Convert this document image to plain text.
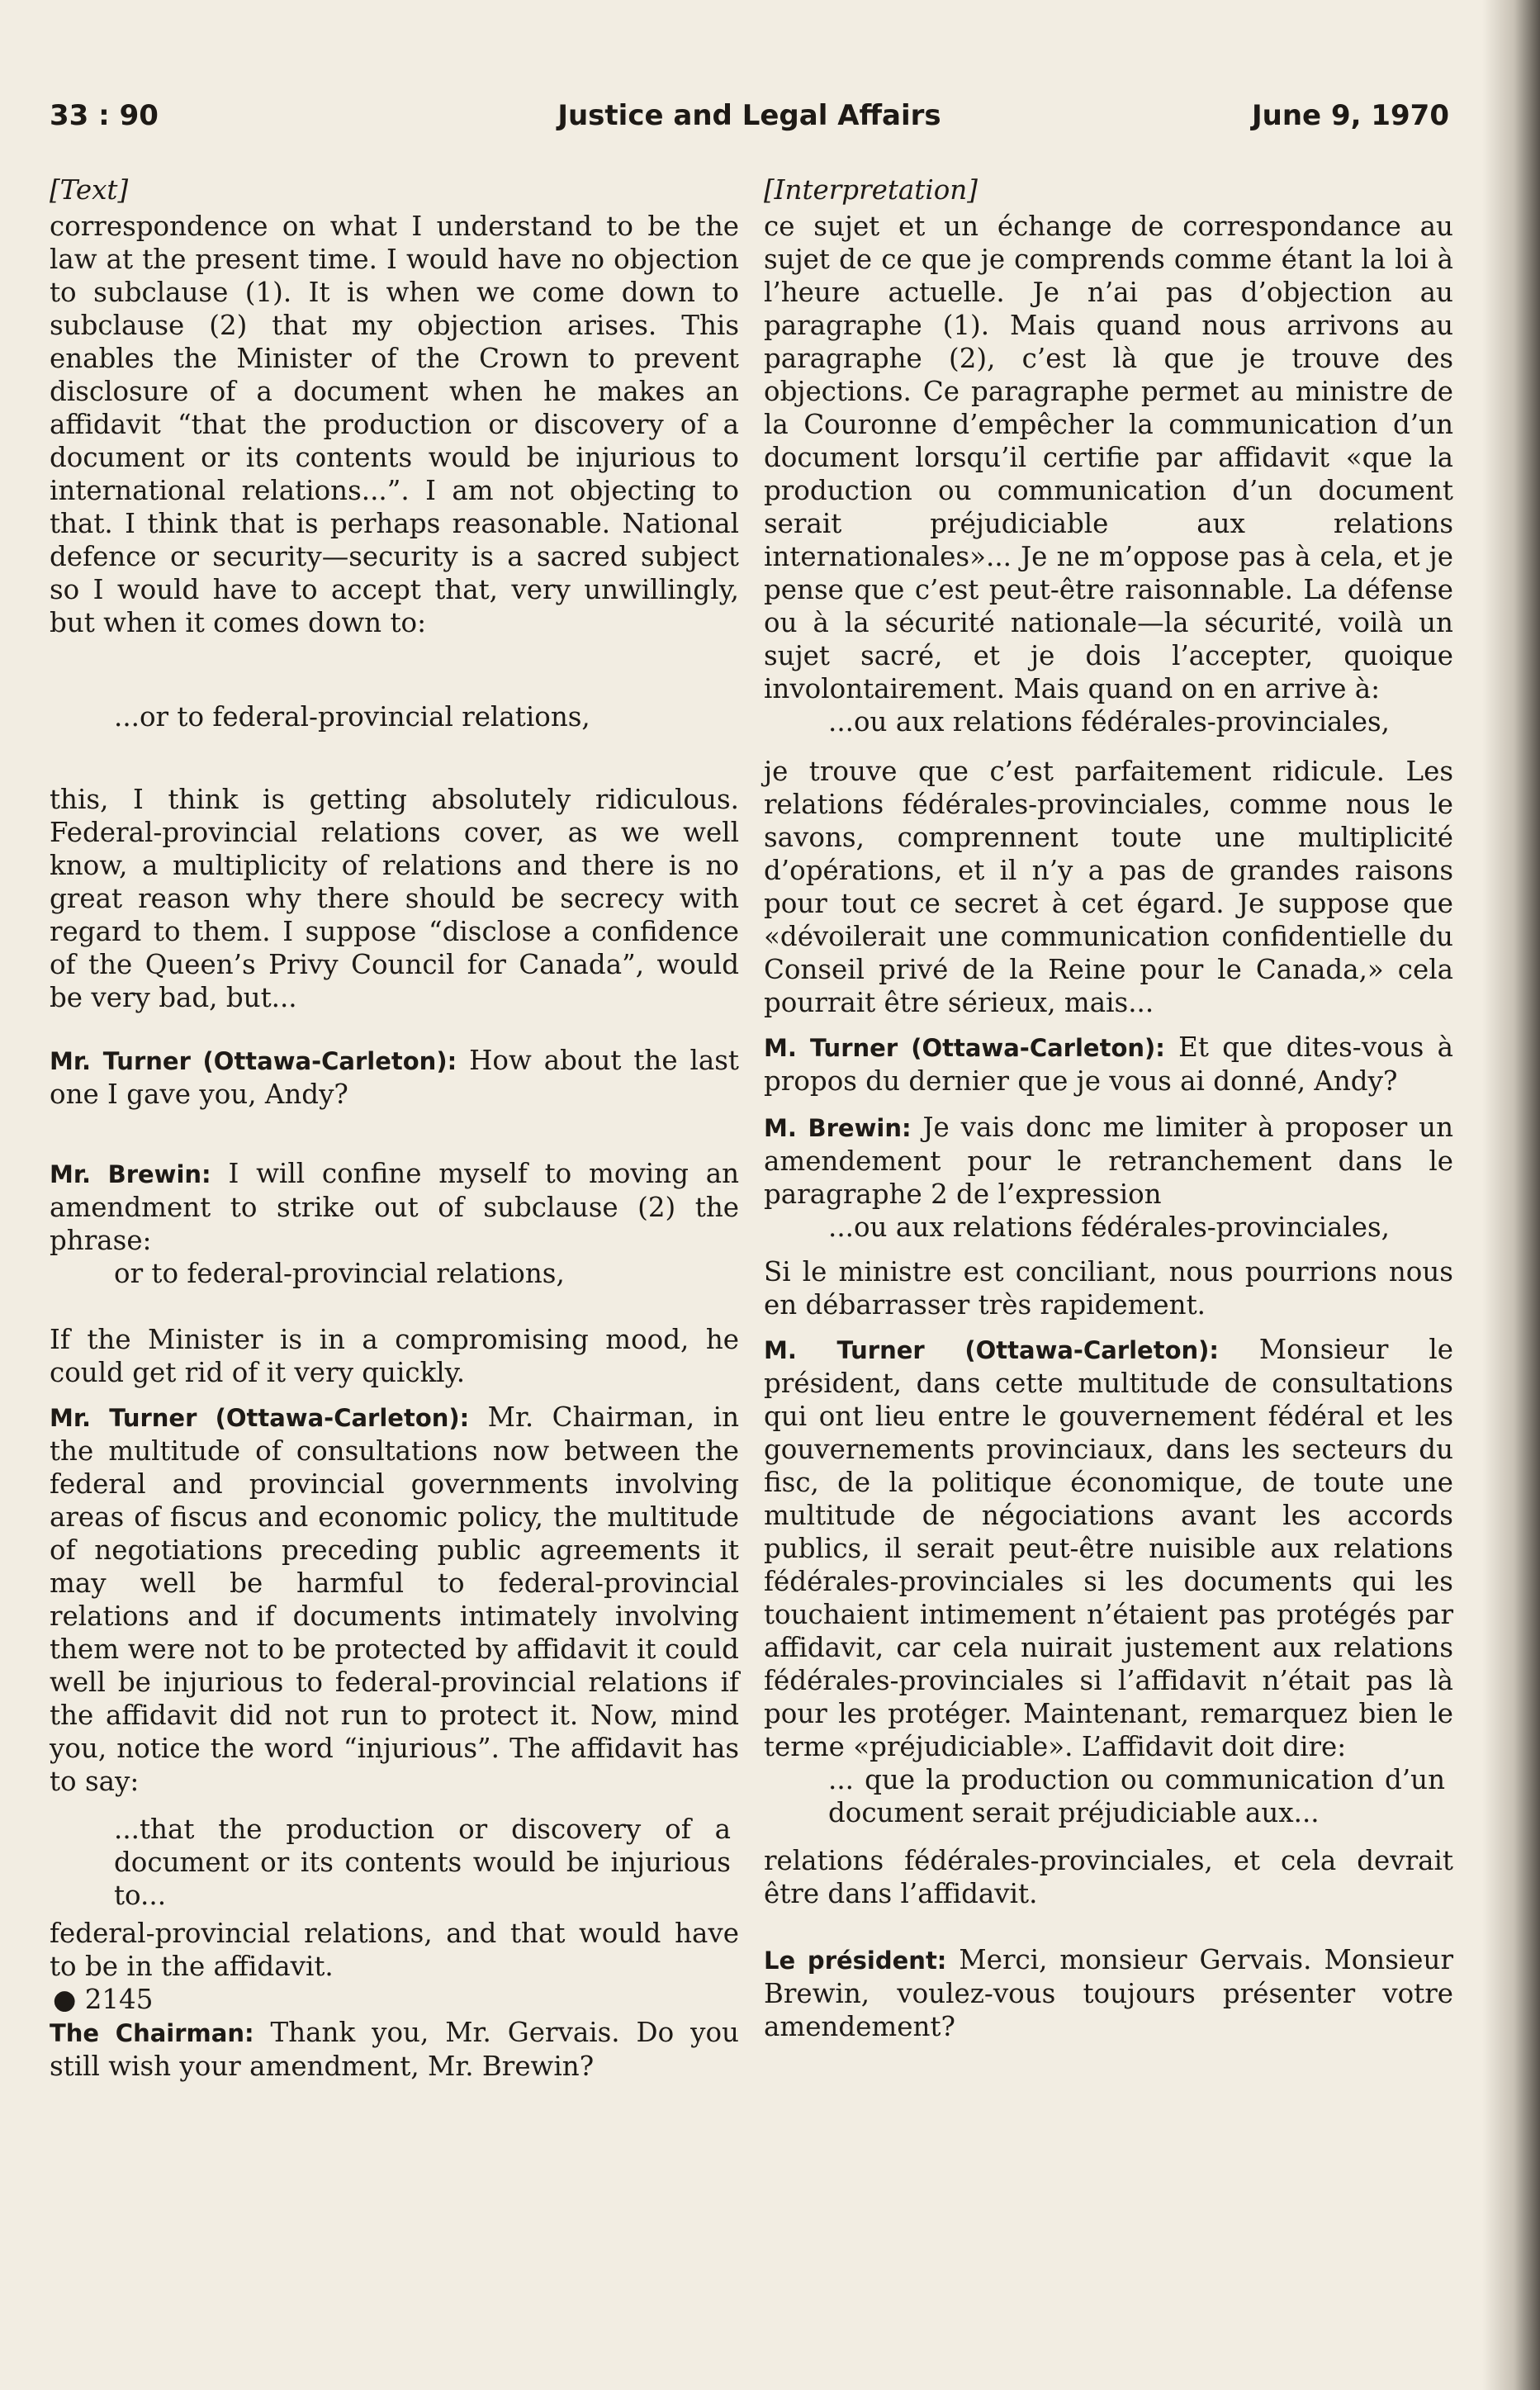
33 : 90	Justice and Legal Affairs	June 9, 1970
[Text]

correspondence on what I understand to be the law at the present time. I would have no objection to subclause (1). It is when we come down to subclause (2) that my objection arises. This enables the Minister of the Crown to prevent disclosure of a document when he makes an affidavit “that the production or discovery of a document or its contents would be injurious to international relations...”. I am not objecting to that. I think that is perhaps reasonable. National defence or security—security is a sacred subject so I would have to accept that, very unwillingly, but when it comes down to:

...or to federal-provincial relations,

this, I think is getting absolutely ridiculous. Federal-provincial relations cover, as we well know, a multiplicity of relations and there is no great reason why there should be secrecy with regard to them. I suppose “disclose a confidence of the Queen’s Privy Council for Canada”, would be very bad, but...

Mr. Turner (Ottawa-Carleton): How about the last one I gave you, Andy?

Mr. Brewin: I will confine myself to moving an amendment to strike out of subclause (2) the phrase:

or to federal-provincial relations,

If the Minister is in a compromising mood, he could get rid of it very quickly.

Mr. Turner (Ottawa-Carleton): Mr. Chairman, in the multitude of consultations now between the federal and provincial governments involving areas of fiscus and economic policy, the multitude of negotiations preceding public agreements it may well be harmful to federal-provincial relations and if documents intimately involving them were not to be protected by affidavit it could well be injurious to federal-provincial relations if the affidavit did not run to protect it. Now, mind you, notice the word “injurious”. The affidavit has to say:

...that the production or discovery of a document or its contents would be injurious to...

federal-provincial relations, and that would have to be in the affidavit.

● 2145

The Chairman: Thank you, Mr. Gervais. Do you still wish your amendment, Mr. Brewin?

[Interpretation]

ce sujet et un échange de correspondance au sujet de ce que je comprends comme étant la loi à l’heure actuelle. Je n’ai pas d’objection au paragraphe (1). Mais quand nous arrivons au paragraphe (2), c’est là que je trouve des objections. Ce paragraphe permet au ministre de la Couronne d’empêcher la communication d’un document lorsqu’il certifie par affidavit «que la production ou communication d’un document serait préjudiciable aux relations internationales»... Je ne m’oppose pas à cela, et je pense que c’est peut-être raisonnable. La défense ou à la sécurité nationale—la sécurité, voilà un sujet sacré, et je dois l’accepter, quoique involontairement. Mais quand on en arrive à:

...ou aux relations fédérales-provinciales,

je trouve que c’est parfaitement ridicule. Les relations fédérales-provinciales, comme nous le savons, comprennent toute une multiplicité d’opérations, et il n’y a pas de grandes raisons pour tout ce secret à cet égard. Je suppose que «dévoilerait une communication confidentielle du Conseil privé de la Reine pour le Canada,» cela pourrait être sérieux, mais...

M. Turner (Ottawa-Carleton): Et que dites-vous à propos du dernier que je vous ai donné, Andy?

M. Brewin: Je vais donc me limiter à proposer un amendement pour le retranchement dans le paragraphe 2 de l’expression

...ou aux relations fédérales-provinciales,

Si le ministre est conciliant, nous pourrions nous en débarrasser très rapidement.

M. Turner (Ottawa-Carleton): Monsieur le président, dans cette multitude de consultations qui ont lieu entre le gouvernement fédéral et les gouvernements provinciaux, dans les secteurs du fisc, de la politique économique, de toute une multitude de négociations avant les accords publics, il serait peut-être nuisible aux relations fédérales-provinciales si les documents qui les touchaient intimement n’étaient pas protégés par affidavit, car cela nuirait justement aux relations fédérales-provinciales si l’affidavit n’était pas là pour les protéger. Maintenant, remarquez bien le terme «préjudiciable». L’affidavit doit dire:

... que la production ou communication d’un document serait préjudiciable aux...

relations fédérales-provinciales, et cela devrait être dans l’affidavit.

Le président: Merci, monsieur Gervais. Monsieur Brewin, voulez-vous toujours présenter votre amendement?
